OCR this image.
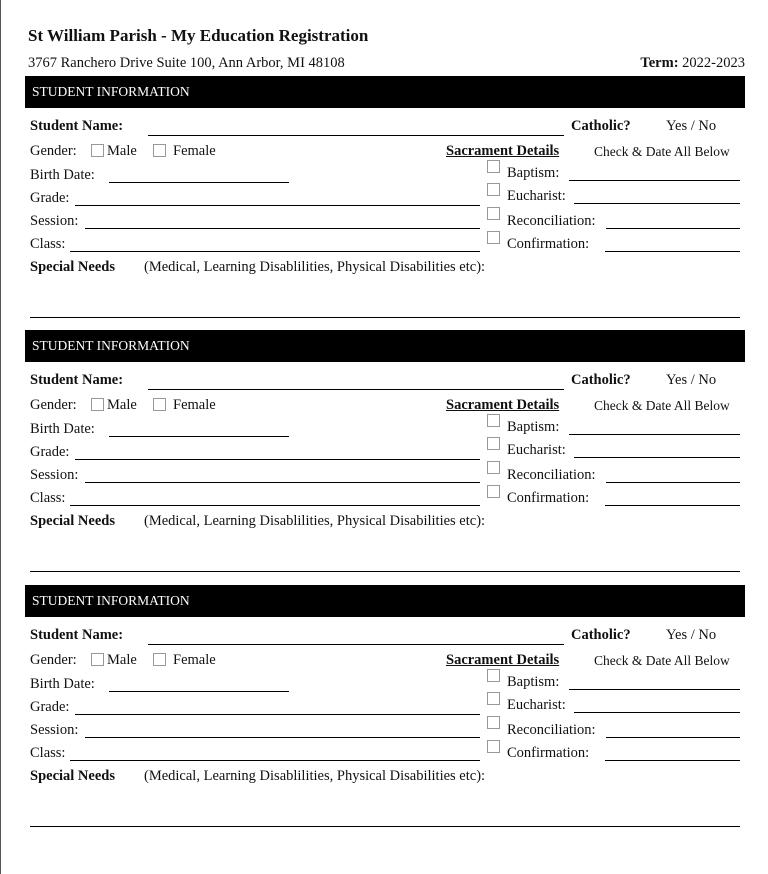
St William Parish - My Education Registration
3767 Ranchero Drive Suite 100, Ann Arbor, MI 48108	Term: 2022-2023
STUDENT INFORMATION
Student Name:	Catholic? Yes / No
Gender: Male Female	Sacrament Details	Check & Date All Below
Birth Date:	Baptism:
Grade:	Eucharist:
Session:	Reconciliation:
Class:	Confirmation:
Special Needs (Medical, Learning Disablilities, Physical Disabilities etc):
STUDENT INFORMATION
Student Name:	Catholic? Yes / No
Gender: Male Female	Sacrament Details	Check & Date All Below
Birth Date:	Baptism:
Grade:	Eucharist:
Session:	Reconciliation:
Class:	Confirmation:
Special Needs (Medical, Learning Disablilities, Physical Disabilities etc):
STUDENT INFORMATION
Student Name:	Catholic? Yes / No
Gender: Male Female	Sacrament Details	Check & Date All Below
Birth Date:	Baptism:
Grade:	Eucharist:
Session:	Reconciliation:
Class:	Confirmation:
Special Needs (Medical, Learning Disablilities, Physical Disabilities etc):
